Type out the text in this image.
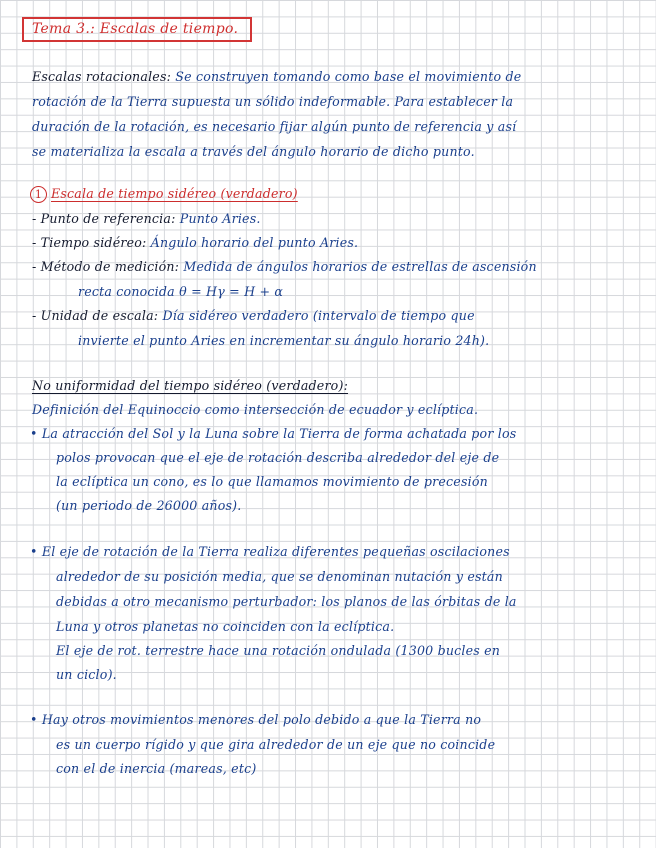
Tema 3.: Escalas de tiempo.
Escalas rotacionales: Se construyen tomando como base el movimiento de
rotación de la Tierra supuesta un sólido indeformable. Para establecer la
duración de la rotación, es necesario fijar algún punto de referencia y así
se materializa la escala a través del ángulo horario de dicho punto.
1 Escala de tiempo sidéreo (verdadero)
- Punto de referencia: Punto Aries.
- Tiempo sidéreo: Ángulo horario del punto Aries.
- Método de medición: Medida de ángulos horarios de estrellas de ascensión
recta conocida θ = Hγ = H + α
- Unidad de escala: Día sidéreo verdadero (intervalo de tiempo que
invierte el punto Aries en incrementar su ángulo horario 24h).
No uniformidad del tiempo sidéreo (verdadero):
Definición del Equinoccio como intersección de ecuador y eclíptica.
• La atracción del Sol y la Luna sobre la Tierra de forma achatada por los
polos provocan que el eje de rotación describa alrededor del eje de
la eclíptica un cono, es lo que llamamos movimiento de precesión
(un periodo de 26000 años).
• El eje de rotación de la Tierra realiza diferentes pequeñas oscilaciones
alrededor de su posición media, que se denominan nutación y están
debidas a otro mecanismo perturbador: los planos de las órbitas de la
Luna y otros planetas no coinciden con la eclíptica.
El eje de rot. terrestre hace una rotación ondulada (1300 bucles en
un ciclo).
• Hay otros movimientos menores del polo debido a que la Tierra no
es un cuerpo rígido y que gira alrededor de un eje que no coincide
con el de inercia (mareas, etc)
